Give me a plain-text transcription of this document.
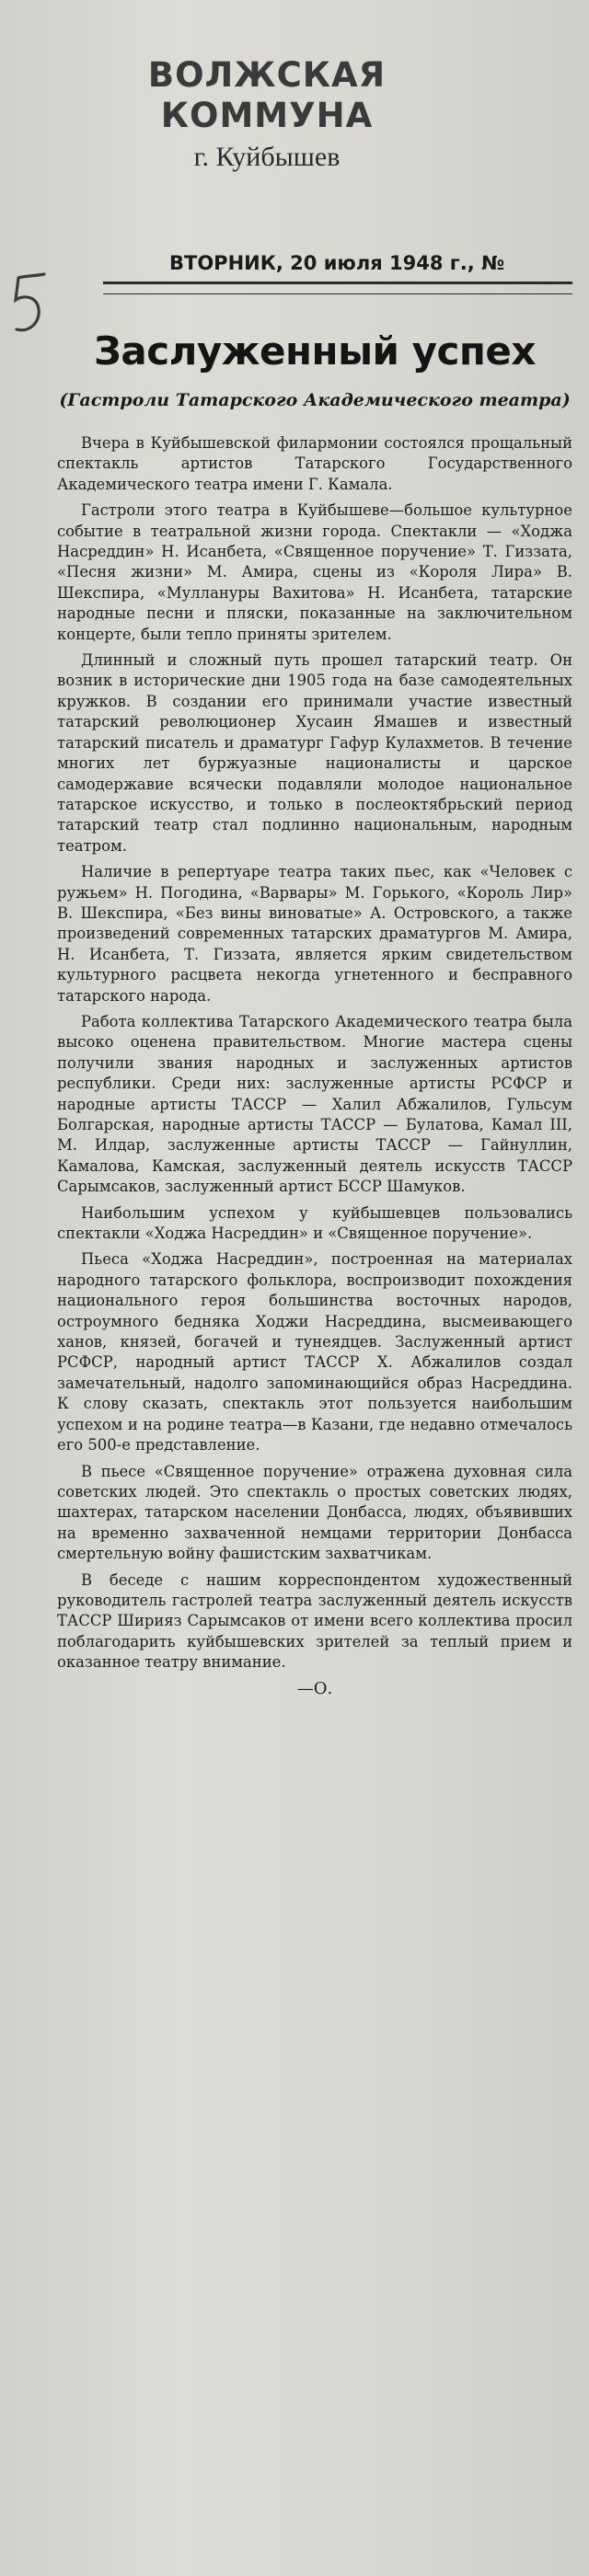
ВОЛЖСКАЯ КОММУНА
г. Куйбышев
ВТОРНИК, 20 июля 1948 г., №
Заслуженный успех
(Гастроли Татарского Академического театра)

Вчера в Куйбышевской филармонии состоялся прощальный спектакль артистов Татарского Государственного Академического театра имени Г. Камала.

Гастроли этого театра в Куйбышеве—большое культурное событие в театральной жизни города. Спектакли — «Ходжа Насреддин» Н. Исанбета, «Священное поручение» Т. Гиззата, «Песня жизни» М. Амира, сцены из «Короля Лира» В. Шекспира, «Муллануры Вахитова» Н. Исанбета, татарские народные песни и пляски, показанные на заключительном концерте, были тепло приняты зрителем.

Длинный и сложный путь прошел татарский театр. Он возник в исторические дни 1905 года на базе самодеятельных кружков. В создании его принимали участие известный татарский революционер Хусаин Ямашев и известный татарский писатель и драматург Гафур Кулахметов. В течение многих лет буржуазные националисты и царское самодержавие всячески подавляли молодое национальное татарское искусство, и только в послеоктябрьский период татарский театр стал подлинно национальным, народным театром.

Наличие в репертуаре театра таких пьес, как «Человек с ружьем» Н. Погодина, «Варвары» М. Горького, «Король Лир» В. Шекспира, «Без вины виноватые» А. Островского, а также произведений современных татарских драматургов М. Амира, Н. Исанбета, Т. Гиззата, является ярким свидетельством культурного расцвета некогда угнетенного и бесправного татарского народа.

Работа коллектива Татарского Академического театра была высоко оценена правительством. Многие мастера сцены получили звания народных и заслуженных артистов республики. Среди них: заслуженные артисты РСФСР и народные артисты ТАССР — Халил Абжалилов, Гульсум Болгарская, народные артисты ТАССР — Булатова, Камал III, М. Илдар, заслуженные артисты ТАССР — Гайнуллин, Камалова, Камская, заслуженный деятель искусств ТАССР Сарымсаков, заслуженный артист БССР Шамуков.

Наибольшим успехом у куйбышевцев пользовались спектакли «Ходжа Насреддин» и «Священное поручение».

Пьеса «Ходжа Насреддин», построенная на материалах народного татарского фольклора, воспроизводит похождения национального героя большинства восточных народов, остроумного бедняка Ходжи Насреддина, высмеивающего ханов, князей, богачей и тунеядцев. Заслуженный артист РСФСР, народный артист ТАССР Х. Абжалилов создал замечательный, надолго запоминающийся образ Насреддина. К слову сказать, спектакль этот пользуется наибольшим успехом и на родине театра—в Казани, где недавно отмечалось его 500-е представление.

В пьесе «Священное поручение» отражена духовная сила советских людей. Это спектакль о простых советских людях, шахтерах, татарском населении Донбасса, людях, объявивших на временно захваченной немцами территории Донбасса смертельную войну фашистским захватчикам.

В беседе с нашим корреспондентом художественный руководитель гастролей театра заслуженный деятель искусств ТАССР Ширияз Сарымсаков от имени всего коллектива просил поблагодарить куйбышевских зрителей за теплый прием и оказанное театру внимание.

—О.
